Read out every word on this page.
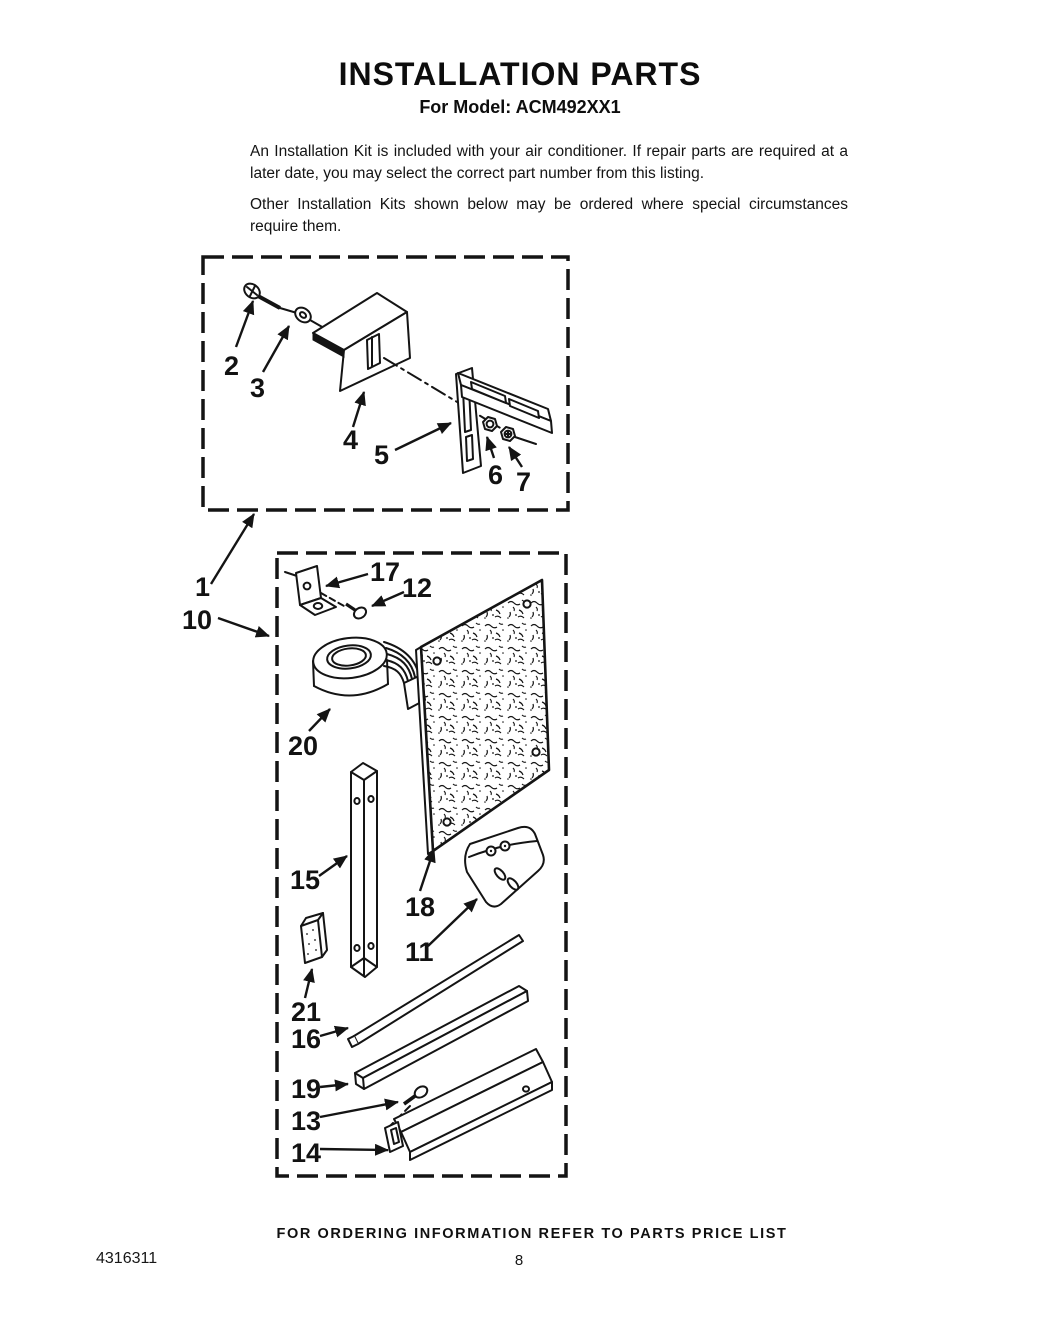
INSTALLATION PARTS
For Model: ACM492XX1

An Installation Kit is included with your air conditioner. If repair parts are required at a later date, you may select the correct part number from this listing.

Other Installation Kits shown below may be ordered where special circumstances require them.

2
3
4 5
6 7
1
10
17
12
20
15
18
11
21
16
19
13
14
FOR ORDERING INFORMATION REFER TO PARTS PRICE LIST
4316311	8
